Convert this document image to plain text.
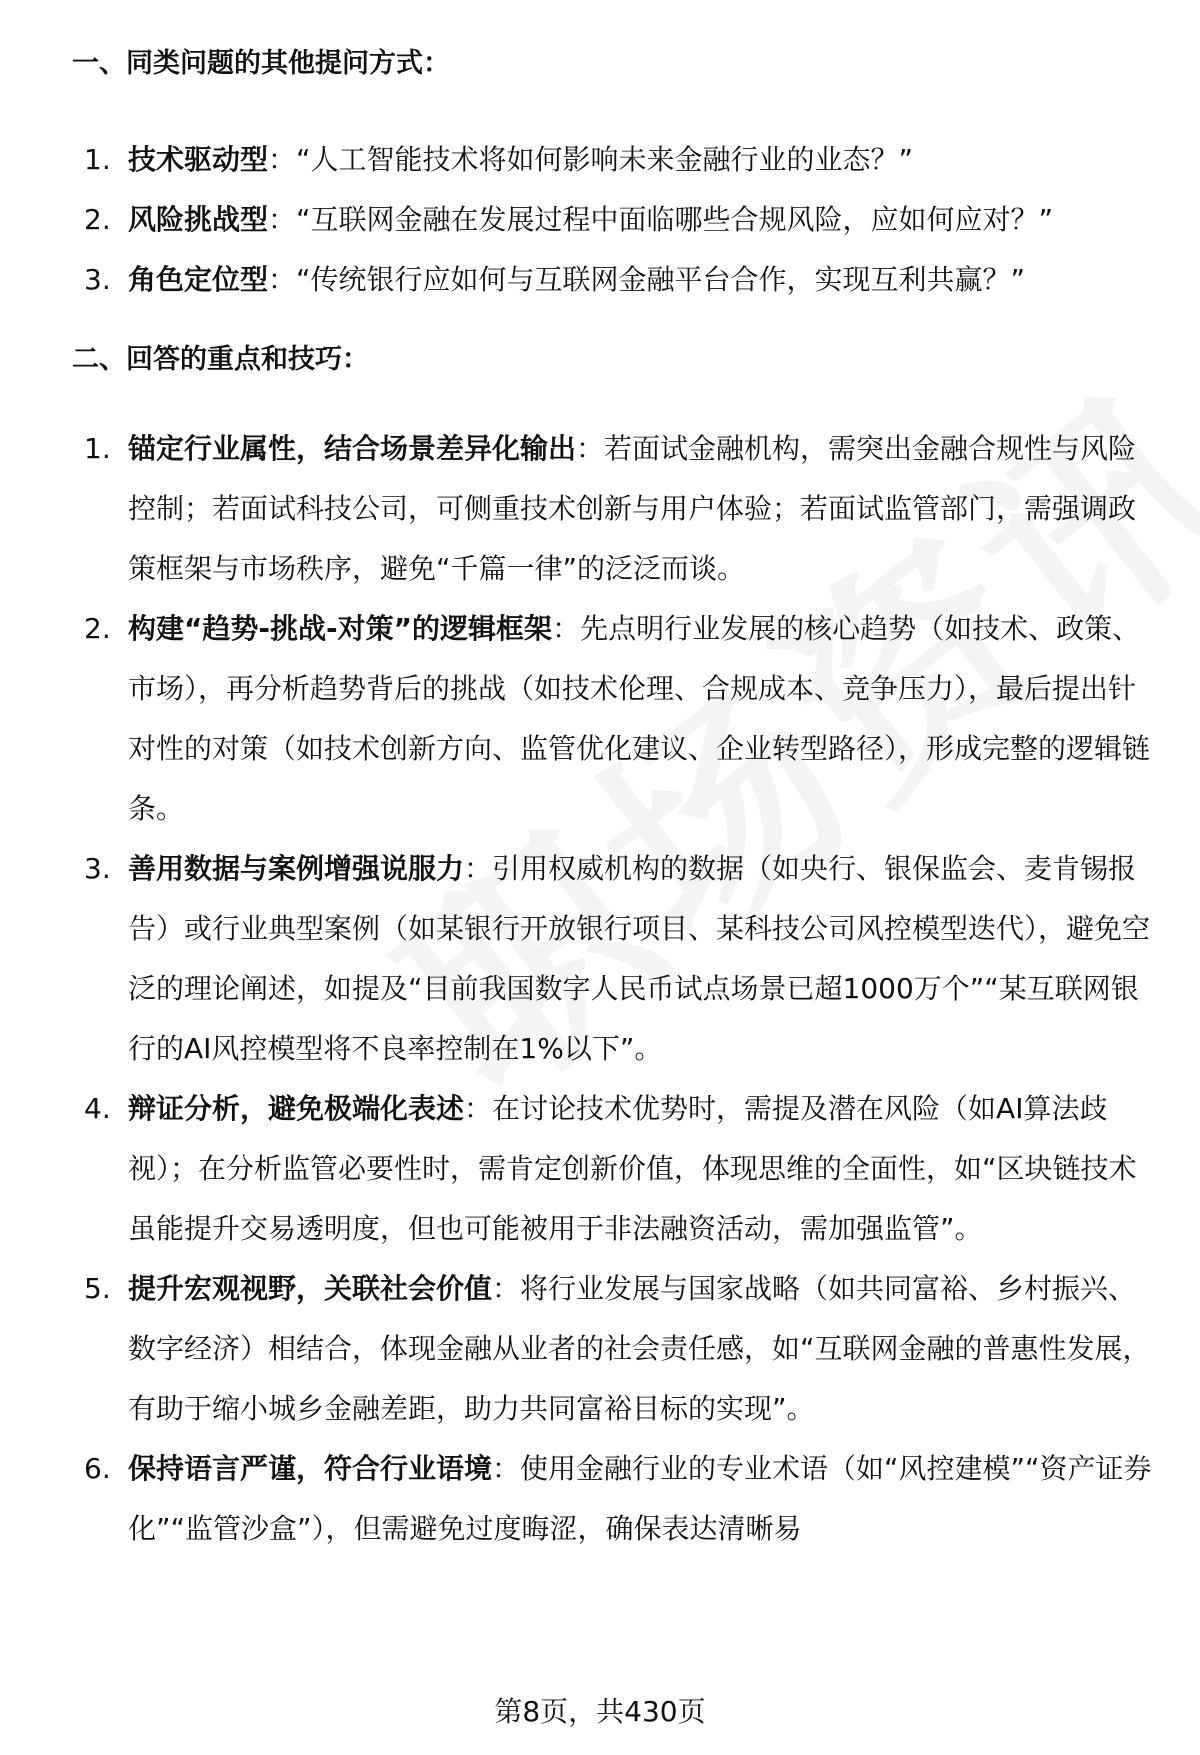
一、同类问题的其他提问方式：
1. 技术驱动型：“人工智能技术将如何影响未来金融行业的业态？”
2. 风险挑战型：“互联网金融在发展过程中面临哪些合规风险，应如何应对？”
3. 角色定位型：“传统银行应如何与互联网金融平台合作，实现互利共赢？”
二、回答的重点和技巧：
1. 锚定行业属性，结合场景差异化输出：若面试金融机构，需突出金融合规性与风险控制；若面试科技公司，可侧重技术创新与用户体验；若面试监管部门，需强调政策框架与市场秩序，避免“千篇一律”的泛泛而谈。
2. 构建“趋势-挑战-对策”的逻辑框架：先点明行业发展的核心趋势（如技术、政策、市场），再分析趋势背后的挑战（如技术伦理、合规成本、竞争压力），最后提出针对性的对策（如技术创新方向、监管优化建议、企业转型路径），形成完整的逻辑链条。
3. 善用数据与案例增强说服力：引用权威机构的数据（如央行、银保监会、麦肯锡报告）或行业典型案例（如某银行开放银行项目、某科技公司风控模型迭代），避免空泛的理论阐述，如提及“目前我国数字人民币试点场景已超1000万个”“某互联网银行的AI风控模型将不良率控制在1%以下”。
4. 辩证分析，避免极端化表述：在讨论技术优势时，需提及潜在风险（如AI算法歧视）；在分析监管必要性时，需肯定创新价值，体现思维的全面性，如“区块链技术虽能提升交易透明度，但也可能被用于非法融资活动，需加强监管”。
5. 提升宏观视野，关联社会价值：将行业发展与国家战略（如共同富裕、乡村振兴、数字经济）相结合，体现金融从业者的社会责任感，如“互联网金融的普惠性发展，有助于缩小城乡金融差距，助力共同富裕目标的实现”。
6. 保持语言严谨，符合行业语境：使用金融行业的专业术语（如“风控建模”“资产证券化”“监管沙盒”），但需避免过度晦涩，确保表达清晰易
第8页，共430页
